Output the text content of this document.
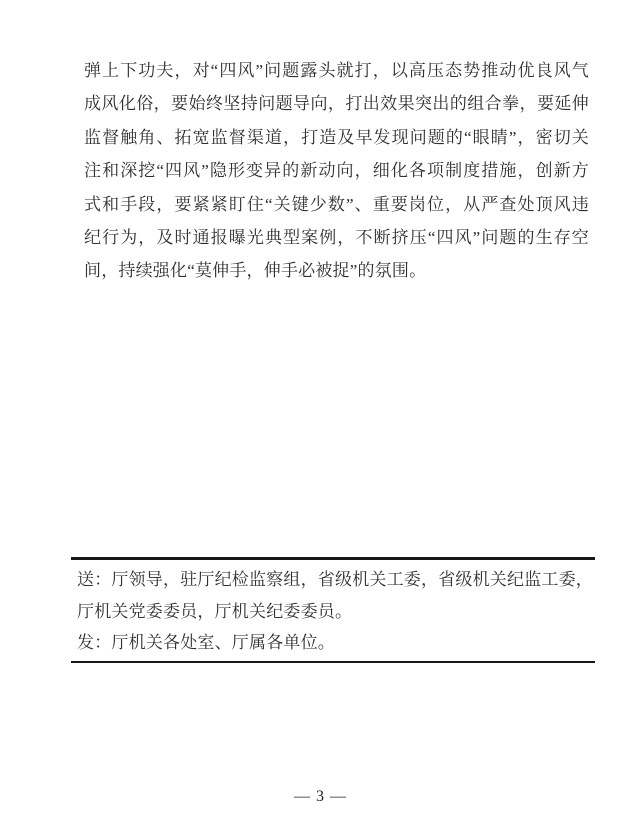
弹上下功夫，对“四风”问题露头就打，以高压态势推动优良风气
成风化俗，要始终坚持问题导向，打出效果突出的组合拳，要延伸
监督触角、拓宽监督渠道，打造及早发现问题的“眼睛”，密切关
注和深挖“四风”隐形变异的新动向，细化各项制度措施，创新方
式和手段，要紧紧盯住“关键少数”、重要岗位，从严查处顶风违
纪行为，及时通报曝光典型案例，不断挤压“四风”问题的生存空
间，持续强化“莫伸手，伸手必被捉”的氛围。
送：厅领导，驻厅纪检监察组，省级机关工委，省级机关纪监工委，
厅机关党委委员，厅机关纪委委员。
发：厅机关各处室、厅属各单位。
— 3 —
